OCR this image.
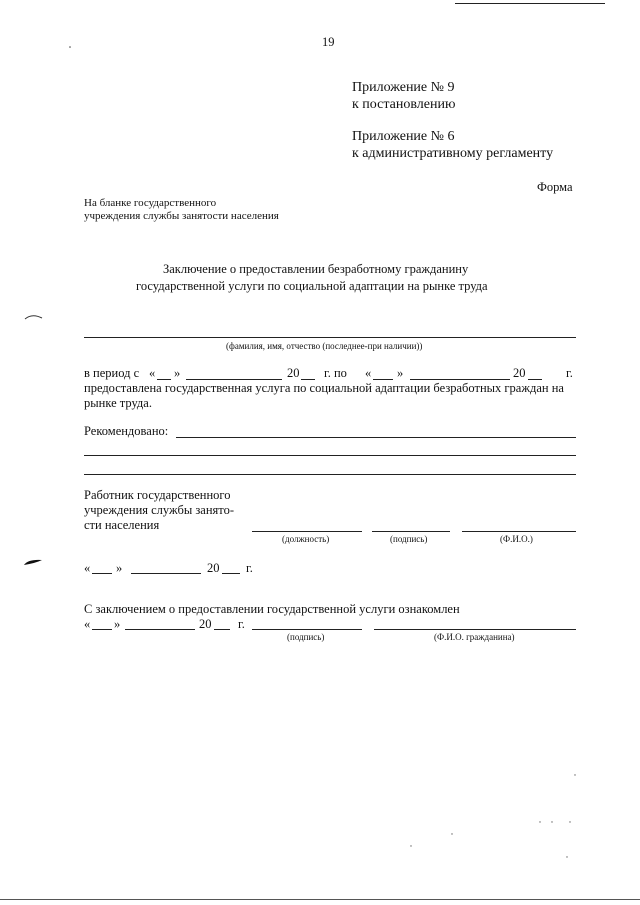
19
Приложение № 9
к постановлению
Приложение № 6
к административному регламенту
Форма
На бланке государственного
учреждения службы занятости населения
Заключение о предоставлении безработному гражданину
государственной услуги по социальной адаптации на рынке труда
(фамилия, имя, отчество (последнее-при наличии))
в период с « »	20 г. по « »	20	г.
предоставлена государственная услуга по социальной адаптации безработных граждан на
рынке труда.
Рекомендовано:
Работник государственного
учреждения службы занято-
сти населения
(должность)	(подпись)	(Ф.И.О.)
« »	20 г.
С заключением о предоставлении государственной услуги ознакомлен
« »	20 г.
(подпись)	(Ф.И.О. гражданина)
